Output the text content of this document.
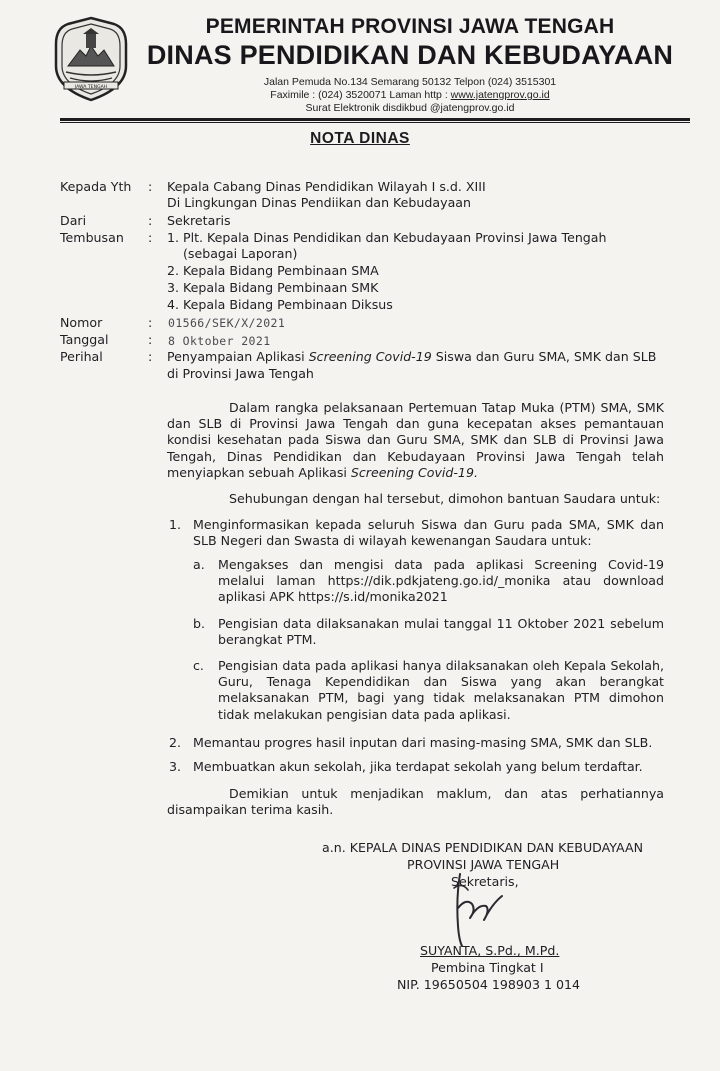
JAWA TENGAH
PEMERINTAH PROVINSI JAWA TENGAH
DINAS PENDIDIKAN DAN KEBUDAYAAN
Jalan Pemuda No.134 Semarang 50132 Telpon (024) 3515301
Faximile : (024) 3520071 Laman http : www.jatengprov.go.id
Surat Elektronik disdikbud @jatengprov.go.id
NOTA DINAS
Kepada Yth : Kepala Cabang Dinas Pendidikan Wilayah I s.d. XIII
Di Lingkungan Dinas Pendiikan dan Kebudayaan
Dari	: Sekretaris
Tembusan : 1. Plt. Kepala Dinas Pendidikan dan Kebudayaan Provinsi Jawa Tengah
(sebagai Laporan)
2. Kepala Bidang Pembinaan SMA
3. Kepala Bidang Pembinaan SMK
4. Kepala Bidang Pembinaan Diksus
Nomor	: 01566/SEK/X/2021
Tanggal	: 8 Oktober 2021
Perihal	: Penyampaian Aplikasi Screening Covid-19 Siswa dan Guru SMA, SMK dan SLB
di Provinsi Jawa Tengah
Dalam rangka pelaksanaan Pertemuan Tatap Muka (PTM) SMA, SMK dan SLB di Provinsi Jawa Tengah dan guna kecepatan akses pemantauan kondisi kesehatan pada Siswa dan Guru SMA, SMK dan SLB di Provinsi Jawa Tengah, Dinas Pendidikan dan Kebudayaan Provinsi Jawa Tengah telah menyiapkan sebuah Aplikasi Screening Covid-19.
Sehubungan dengan hal tersebut, dimohon bantuan Saudara untuk:
1. Menginformasikan kepada seluruh Siswa dan Guru pada SMA, SMK dan SLB Negeri dan Swasta di wilayah kewenangan Saudara untuk:
a. Mengakses dan mengisi data pada aplikasi Screening Covid-19 melalui laman https://dik.pdkjateng.go.id/_monika atau download aplikasi APK https://s.id/monika2021
b. Pengisian data dilaksanakan mulai tanggal 11 Oktober 2021 sebelum berangkat PTM.
c. Pengisian data pada aplikasi hanya dilaksanakan oleh Kepala Sekolah, Guru, Tenaga Kependidikan dan Siswa yang akan berangkat melaksanakan PTM, bagi yang tidak melaksanakan PTM dimohon tidak melakukan pengisian data pada aplikasi.
2. Memantau progres hasil inputan dari masing-masing SMA, SMK dan SLB.
3. Membuatkan akun sekolah, jika terdapat sekolah yang belum terdaftar.
Demikian untuk menjadikan maklum, dan atas perhatiannya disampaikan terima kasih.
a.n. KEPALA DINAS PENDIDIKAN DAN KEBUDAYAAN
PROVINSI JAWA TENGAH
Sekretaris,
SUYANTA, S.Pd., M.Pd.
Pembina Tingkat I
NIP. 19650504 198903 1 014
